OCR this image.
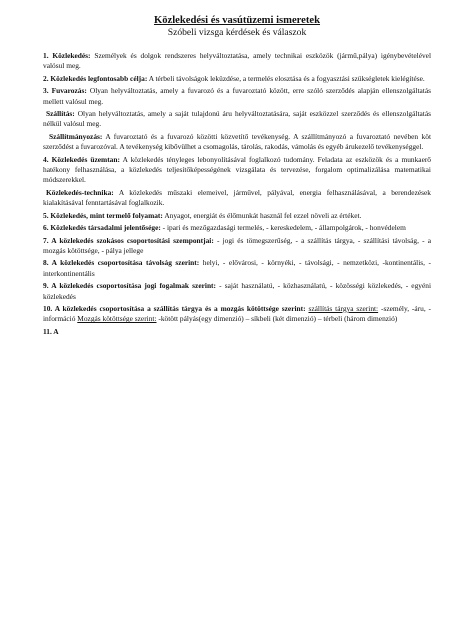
Közlekedési és vasútüzemi ismeretek

Szóbeli vizsga kérdések és válaszok

1. Közlekedés: Személyek és dolgok rendszeres helyváltoztatása, amely technikai eszközök (jármű,pálya) igénybevételével valósul meg.

2. Közlekedés legfontosabb célja: A térbeli távolságok leküzdése, a termelés elosztása és a fogyasztási szükségletek kielégítése.

3. Fuvarozás: Olyan helyváltoztatás, amely a fuvarozó és a fuvaroztató között, erre szóló szerződés alapján ellenszolgáltatás mellett valósul meg.

Szállítás: Olyan helyváltoztatás, amely a saját tulajdonú áru helyváltoztatására, saját eszközzel szerződés és ellenszolgáltatás nélkül valósul meg.

Szállítmányozás: A fuvaroztató és a fuvarozó közötti közvetítő tevékenység. A szállítmányozó a fuvaroztató nevében köt szerződést a fuvarozóval. A tevékenység kibővülhet a csomagolás, tárolás, rakodás, vámolás és egyéb árukezelő tevékenységgel.

4. Közlekedés üzemtan: A közlekedés tényleges lebonyolításával foglalkozó tudomány. Feladata az eszközök és a munkaerő hatékony felhasználása, a közlekedés teljesítőképességének vizsgálata és tervezése, forgalom optimalizálása matematikai módszerekkel.

Közlekedés-technika: A közlekedés műszaki elemeivel, járművel, pályával, energia felhasználásával, a berendezések kialakításával fenntartásával foglalkozik.

5. Közlekedés, mint termelő folyamat: Anyagot, energiát és élőmunkát használ fel ezzel növeli az értéket.

6. Közlekedés társadalmi jelentősége: - ipari és mezőgazdasági termelés, - kereskedelem, - állampolgárok, - honvédelem

7. A közlekedés szokásos csoportosítási szempontjai: - jogi és tömegszerűség, - a szállítás tárgya, - szállítási távolság, - a mozgás kötöttsége, - pálya jellege

8. A közlekedés csoportosítása távolság szerint: helyi, - elővárosi, - környéki, - távolsági, - nemzetközi, -kontinentális, - interkontinentális

9. A közlekedés csoportosítása jogi fogalmak szerint: - saját használatú, - közhasználatú, - közösségi közlekedés, - egyéni közlekedés

10. A közlekedés csoportosítása a szállítás tárgya és a mozgás kötöttsége szerint: szállítás tárgya szerint: -személy, -áru, - információ Mozgás kötöttsége szerint: -kötött pályás(egy dimenzió) – síkbeli (két dimenzió) – térbeli (három dimenzió)

11. A
